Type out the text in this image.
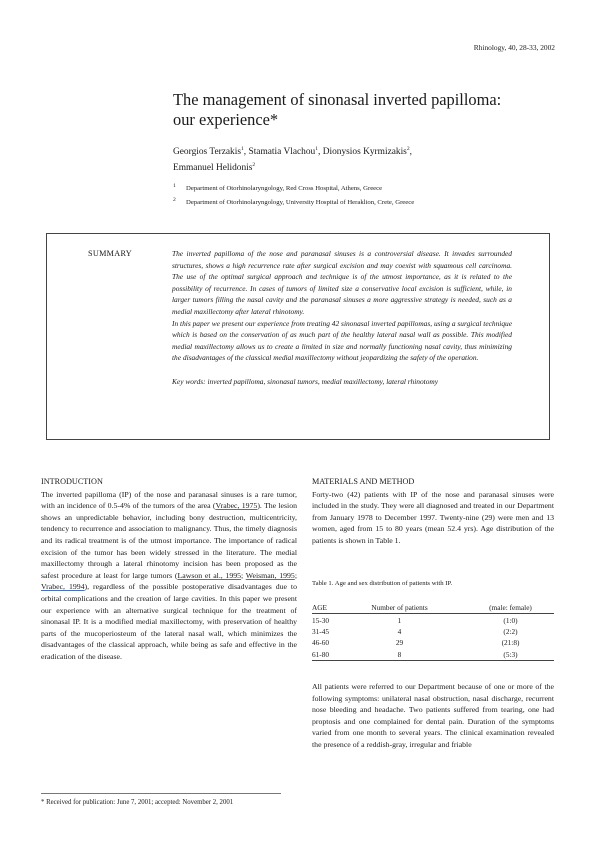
Rhinology, 40, 28-33, 2002
The management of sinonasal inverted papilloma:
our experience*
Georgios Terzakis$^1$, Stamatia Vlachou$^1$, Dionysios Kyrmizakis$^2$,
Emmanuel Helidonis$^2$
1 Department of Otorhinolaryngology, Red Cross Hospital, Athens, Greece
2 Department of Otorhinolaryngology, University Hospital of Heraklion, Crete, Greece
SUMMARY	The inverted papilloma of the nose and paranasal sinuses is a controversial disease. It invades surrounded structures, shows a high recurrence rate after surgical excision and may coexist with squamous cell carcinoma. The use of the optimal surgical approach and technique is of the utmost importance, as it is related to the possibility of recurrence. In cases of tumors of limited size a conservative local excision is sufficient, while, in larger tumors filling the nasal cavity and the paranasal sinuses a more aggressive strategy is needed, such as a medial maxillectomy after lateral rhinotomy.

In this paper we present our experience from treating 42 sinonasal inverted papillomas, using a surgical technique which is based on the conservation of as much part of the healthy lateral nasal wall as possible. This modified medial maxillectomy allows us to create a limited in size and normally functioning nasal cavity, thus minimizing the disadvantages of the classical medial maxillectomy without jeopardizing the safety of the operation.

Key words: inverted papilloma, sinonasal tumors, medial maxillectomy, lateral rhinotomy

INTRODUCTION

The inverted papilloma (IP) of the nose and paranasal sinuses is a rare tumor, with an incidence of 0.5-4% of the tumors of the area (Vrabec, 1975). The lesion shows an unpredictable behavior, including bony destruction, multicentricity, tendency to recurrence and association to malignancy. Thus, the timely diagnosis and its radical treatment is of the utmost importance. The importance of radical excision of the tumor has been widely stressed in the literature. The medial maxillectomy through a lateral rhinotomy incision has been proposed as the safest procedure at least for large tumors (Lawson et al., 1995; Weisman, 1995; Vrabec, 1994), regardless of the possible postoperative disadvantages due to orbital complications and the creation of large cavities. In this paper we present our experience with an alternative surgical technique for the treatment of sinonasal IP. It is a modified medial maxillectomy, with preservation of healthy parts of the mucoperiosteum of the lateral nasal wall, which minimizes the disadvantages of the classical approach, while being as safe and effective in the eradication of the disease.

MATERIALS AND METHOD

Forty-two (42) patients with IP of the nose and paranasal sinuses were included in the study. They were all diagnosed and treated in our Department from January 1978 to December 1997. Twenty-nine (29) were men and 13 women, aged from 15 to 80 years (mean 52.4 yrs). Age distribution of the patients is shown in Table 1.

Table 1. Age and sex distribution of patients with IP.
AGE	Number of patients	(male: female)
15-30	1	(1:0)
31-45	4	(2:2)
46-60	29	(21:8)
61-80	8	(5:3)
All patients were referred to our Department because of one or more of the following symptoms: unilateral nasal obstruction, nasal discharge, recurrent nose bleeding and headache. Two patients suffered from tearing, one had proptosis and one complained for dental pain. Duration of the symptoms varied from one month to several years. The clinical examination revealed the presence of a reddish-gray, irregular and friable
* Received for publication: June 7, 2001; accepted: November 2, 2001
